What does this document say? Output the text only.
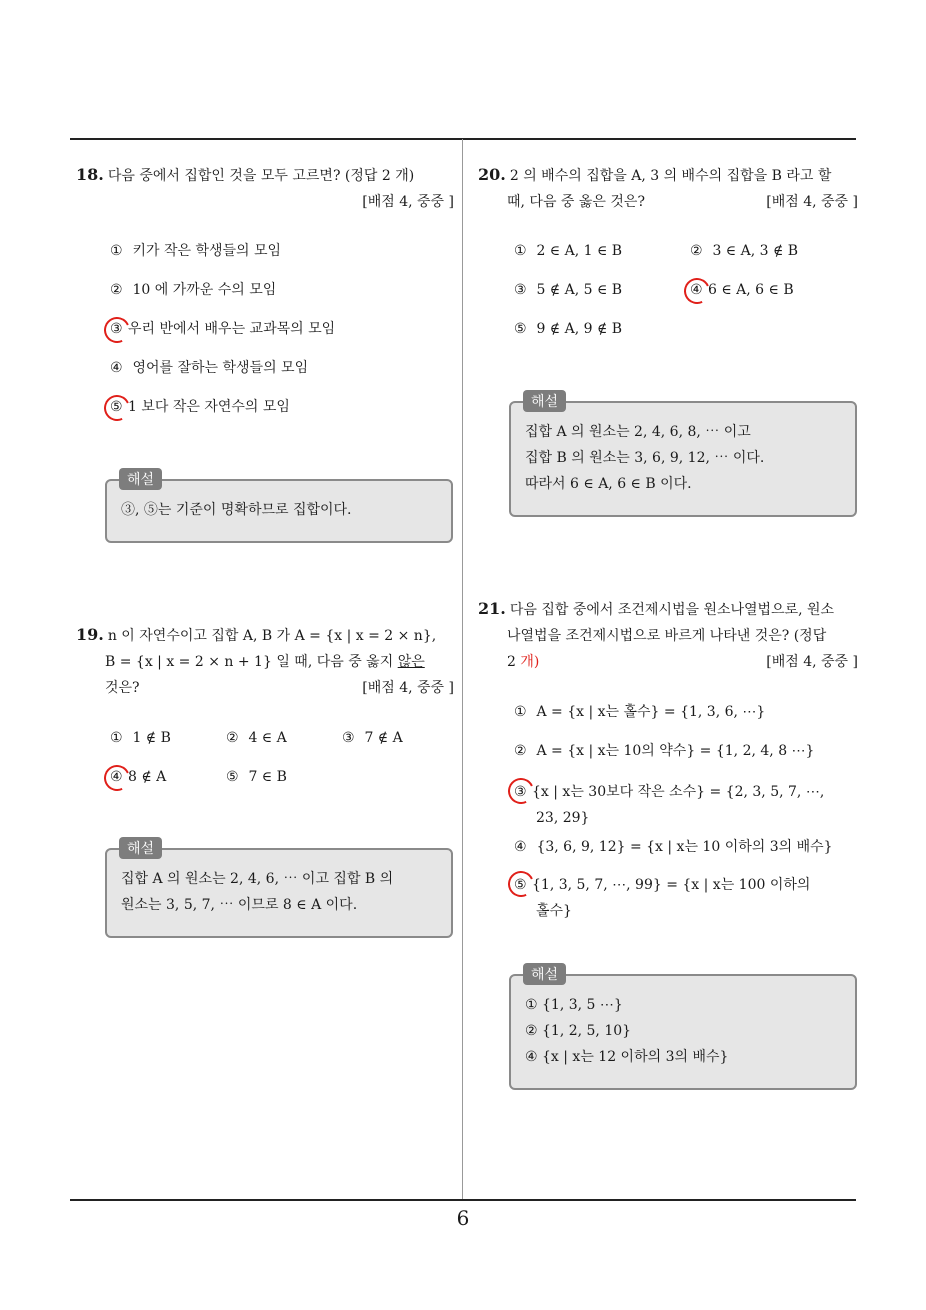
18. 다음 중에서 집합인 것을 모두 고르면? (정답 2 개)
[배점 4, 중중 ]
① 키가 작은 학생들의 모임
② 10 에 가까운 수의 모임
③ 우리 반에서 배우는 교과목의 모임
④ 영어를 잘하는 학생들의 모임
⑤ 1 보다 작은 자연수의 모임
해설
③, ⑤는 기준이 명확하므로 집합이다.
19. n 이 자연수이고 집합 A, B 가 A = {x | x = 2 × n},
B = {x | x = 2 × n + 1} 일 때, 다음 중 옳지 않은
것은?	[배점 4, 중중 ]
① 1 ∉ B	② 4 ∈ A	③ 7 ∉ A
④ 8 ∉ A	⑤ 7 ∈ B
해설
집합 A 의 원소는 2, 4, 6, ⋯ 이고 집합 B 의
원소는 3, 5, 7, ⋯ 이므로 8 ∈ A 이다.
20. 2 의 배수의 집합을 A, 3 의 배수의 집합을 B 라고 할
때, 다음 중 옳은 것은?	[배점 4, 중중 ]
① 2 ∈ A, 1 ∈ B	② 3 ∈ A, 3 ∉ B
③ 5 ∉ A, 5 ∈ B	④ 6 ∈ A, 6 ∈ B
⑤ 9 ∉ A, 9 ∉ B
해설
집합 A 의 원소는 2, 4, 6, 8, ⋯ 이고
집합 B 의 원소는 3, 6, 9, 12, ⋯ 이다.
따라서 6 ∈ A, 6 ∈ B 이다.
21. 다음 집합 중에서 조건제시법을 원소나열법으로, 원소
나열법을 조건제시법으로 바르게 나타낸 것은? (정답
2 개)	[배점 4, 중중 ]
① A = {x | x는 홀수} = {1, 3, 6, ⋯}
② A = {x | x는 10의 약수} = {1, 2, 4, 8 ⋯}
③ {x | x는 30보다 작은 소수} = {2, 3, 5, 7, ⋯,
23, 29}
④ {3, 6, 9, 12} = {x | x는 10 이하의 3의 배수}
⑤ {1, 3, 5, 7, ⋯, 99} = {x | x는 100 이하의
홀수}
해설
① {1, 3, 5 ⋯}
② {1, 2, 5, 10}
④ {x | x는 12 이하의 3의 배수}
6
